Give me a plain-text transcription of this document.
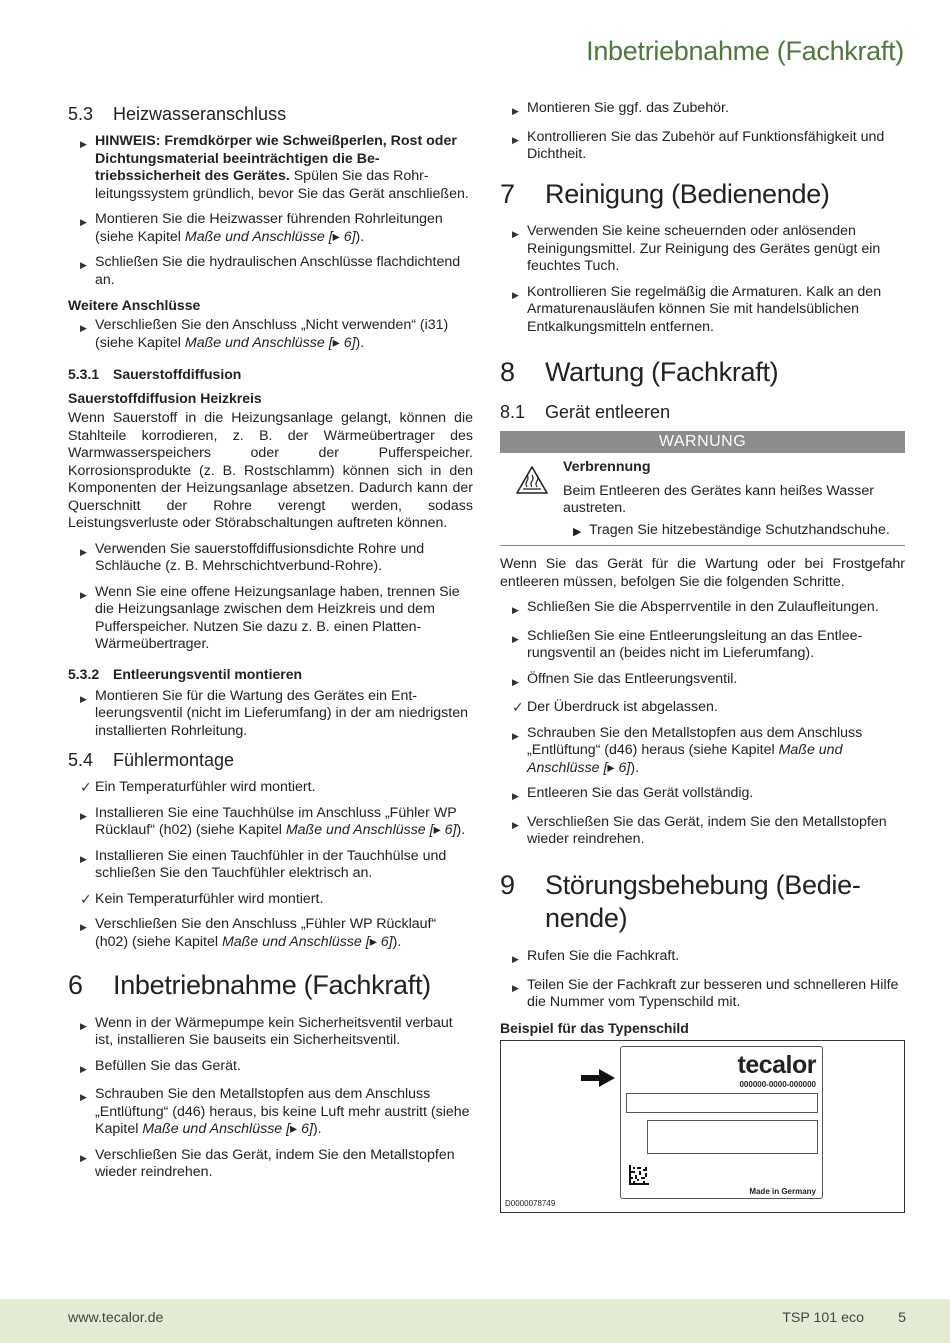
Inbetriebnahme (Fachkraft)
5.3	Heizwasseranschluss
▶ HINWEIS: Fremdkörper wie Schweißperlen, Rost oder Dichtungsmaterial beeinträchtigen die Betriebssicherheit des Gerätes. Spülen Sie das Rohrleitungssystem gründlich, bevor Sie das Gerät anschließen.
▶ Montieren Sie die Heizwasser führenden Rohrleitungen (siehe Kapitel Maße und Anschlüsse [▸ 6]).
▶ Schließen Sie die hydraulischen Anschlüsse flachdichtend an.
Weitere Anschlüsse
▶ Verschließen Sie den Anschluss „Nicht verwenden“ (i31) (siehe Kapitel Maße und Anschlüsse [▸ 6]).
5.3.1 Sauerstoffdiffusion
Sauerstoffdiffusion Heizkreis
Wenn Sauerstoff in die Heizungsanlage gelangt, können die Stahlteile korrodieren, z. B. der Wärmeübertrager des Warmwasserspeichers oder der Pufferspeicher. Korrosionsprodukte (z. B. Rostschlamm) können sich in den Komponenten der Heizungsanlage absetzen. Dadurch kann der Querschnitt der Rohre verengt werden, sodass Leistungsverluste oder Störabschaltungen auftreten können.
▶ Verwenden Sie sauerstoffdiffusionsdichte Rohre und Schläuche (z. B. Mehrschichtverbund-Rohre).
▶ Wenn Sie eine offene Heizungsanlage haben, trennen Sie die Heizungsanlage zwischen dem Heizkreis und dem Pufferspeicher. Nutzen Sie dazu z. B. einen Platten-Wärmeübertrager.
5.3.2 Entleerungsventil montieren
▶ Montieren Sie für die Wartung des Gerätes ein Entleerungsventil (nicht im Lieferumfang) in der am niedrigsten installierten Rohrleitung.
5.4	Fühlermontage
✓ Ein Temperaturfühler wird montiert.
▶ Installieren Sie eine Tauchhülse im Anschluss „Fühler WP Rücklauf“ (h02) (siehe Kapitel Maße und Anschlüsse [▸ 6]).
▶ Installieren Sie einen Tauchfühler in der Tauchhülse und schließen Sie den Tauchfühler elektrisch an.
✓ Kein Temperaturfühler wird montiert.
▶ Verschließen Sie den Anschluss „Fühler WP Rücklauf“ (h02) (siehe Kapitel Maße und Anschlüsse [▸ 6]).
6	Inbetriebnahme (Fachkraft)
▶ Wenn in der Wärmepumpe kein Sicherheitsventil verbaut ist, installieren Sie bauseits ein Sicherheitsventil.
▶ Befüllen Sie das Gerät.
▶ Schrauben Sie den Metallstopfen aus dem Anschluss „Entlüftung“ (d46) heraus, bis keine Luft mehr austritt (siehe Kapitel Maße und Anschlüsse [▸ 6]).
▶ Verschließen Sie das Gerät, indem Sie den Metallstopfen wieder reindrehen.
▶ Montieren Sie ggf. das Zubehör.
▶ Kontrollieren Sie das Zubehör auf Funktionsfähigkeit und Dichtheit.
7	Reinigung (Bedienende)
▶ Verwenden Sie keine scheuernden oder anlösenden Reinigungsmittel. Zur Reinigung des Gerätes genügt ein feuchtes Tuch.
▶ Kontrollieren Sie regelmäßig die Armaturen. Kalk an den Armaturenausläufen können Sie mit handelsüblichen Entkalkungsmitteln entfernen.
8	Wartung (Fachkraft)
8.1	Gerät entleeren
WARNUNG
Verbrennung
Beim Entleeren des Gerätes kann heißes Wasser austreten.
▶ Tragen Sie hitzebeständige Schutzhandschuhe.
Wenn Sie das Gerät für die Wartung oder bei Frostgefahr entleeren müssen, befolgen Sie die folgenden Schritte.
▶ Schließen Sie die Absperrventile in den Zulaufleitungen.
▶ Schließen Sie eine Entleerungsleitung an das Entleerungsventil an (beides nicht im Lieferumfang).
▶ Öffnen Sie das Entleerungsventil.
✓ Der Überdruck ist abgelassen.
▶ Schrauben Sie den Metallstopfen aus dem Anschluss „Entlüftung“ (d46) heraus (siehe Kapitel Maße und Anschlüsse [▸ 6]).
▶ Entleeren Sie das Gerät vollständig.
▶ Verschließen Sie das Gerät, indem Sie den Metallstopfen wieder reindrehen.
9	Störungsbehebung (Bedienende)
▶ Rufen Sie die Fachkraft.
▶ Teilen Sie der Fachkraft zur besseren und schnelleren Hilfe die Nummer vom Typenschild mit.
Beispiel für das Typenschild
tecalor
000000-0000-000000
Made in Germany
D0000078749
www.tecalor.de	TSP 101 eco 5
